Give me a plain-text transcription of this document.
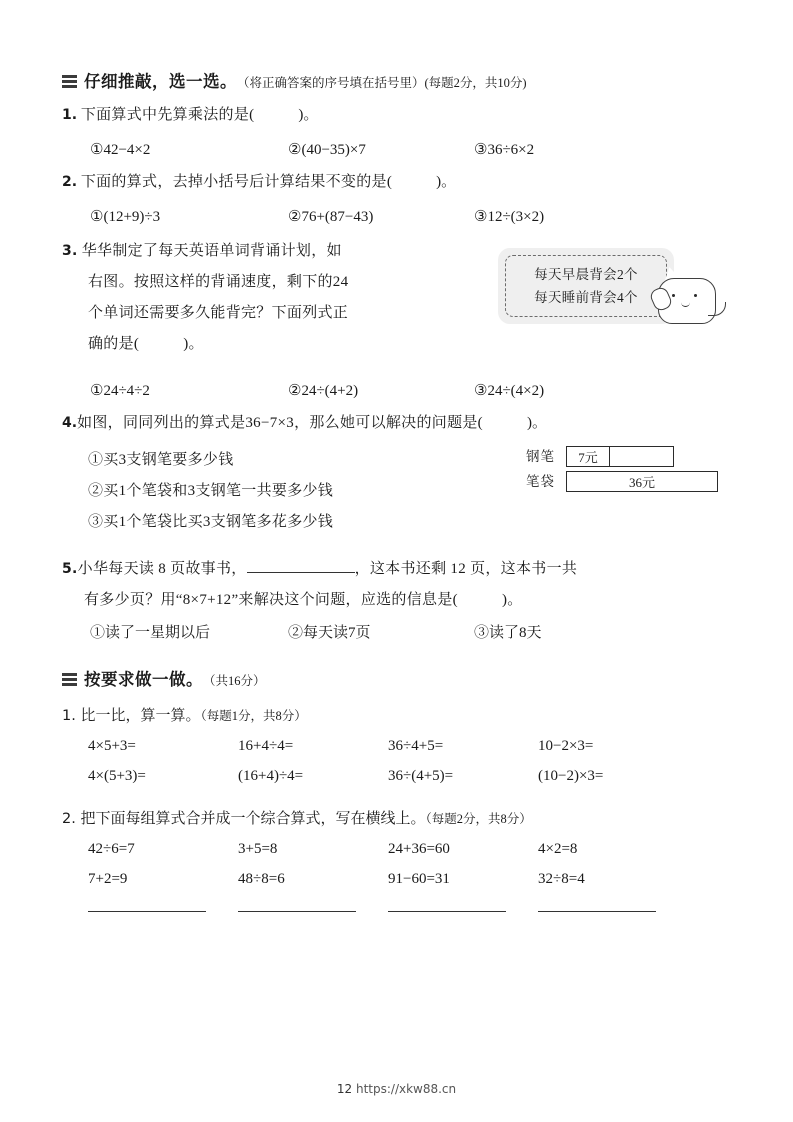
仔细推敲，选一选。 （将正确答案的序号填在括号里）(每题2分，共10分)
1. 下面算式中先算乘法的是(	)。
①42−4×2	②(40−35)×7	③36÷6×2
2. 下面的算式，去掉小括号后计算结果不变的是(	)。
①(12+9)÷3	②76+(87−43)	③12÷(3×2)
3. 华华制定了每天英语单词背诵计划，如
右图。按照这样的背诵速度，剩下的24
个单词还需要多久能背完？下面列式正
确的是(	)。
每天早晨背会2个
每天睡前背会4个
①24÷4÷2	②24÷(4+2)	③24÷(4×2)
4.如图，同同列出的算式是36−7×3，那么她可以解决的问题是(	)。
①买3支钢笔要多少钱
②买1个笔袋和3支钢笔一共要多少钱
③买1个笔袋比买3支钢笔多花多少钱
钢笔	7元
笔袋	36元
5.小华每天读 8 页故事书，	，这本书还剩 12 页，这本书一共
有多少页？用“8×7+12”来解决这个问题，应选的信息是(	)。
①读了一星期以后	②每天读7页	③读了8天
按要求做一做。 （共16分）
1. 比一比，算一算。（每题1分，共8分）
4×5+3=	16+4÷4=	36÷4+5=	10−2×3=
4×(5+3)=	(16+4)÷4=	36÷(4+5)=	(10−2)×3=
2. 把下面每组算式合并成一个综合算式，写在横线上。（每题2分，共8分）
42÷6=7	3+5=8	24+36=60	4×2=8
7+2=9	48÷8=6	91−60=31	32÷8=4
12 https://xkw88.cn
